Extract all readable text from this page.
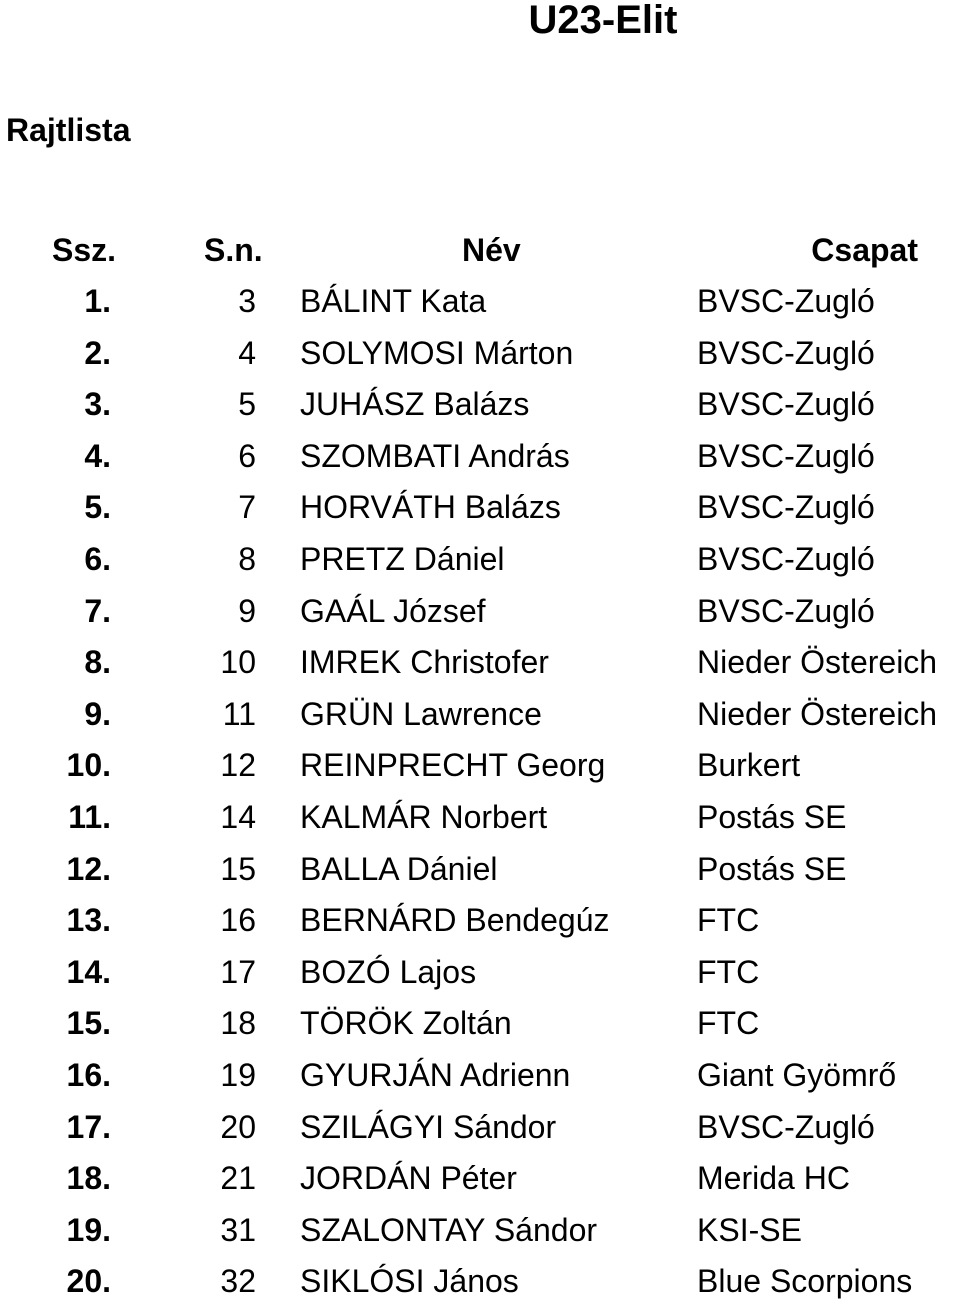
U23-Elit
Rajtlista
Ssz.	S.n.	Név	Csapat
1.	3 BÁLINT Kata	BVSC-Zugló
2.	4 SOLYMOSI Márton	BVSC-Zugló
3.	5 JUHÁSZ Balázs	BVSC-Zugló
4.	6 SZOMBATI András	BVSC-Zugló
5.	7 HORVÁTH Balázs	BVSC-Zugló
6.	8 PRETZ Dániel	BVSC-Zugló
7.	9 GAÁL József	BVSC-Zugló
8.	10 IMREK Christofer	Nieder Östereich
9.	11 GRÜN Lawrence	Nieder Östereich
10.	12 REINPRECHT Georg	Burkert
11.	14 KALMÁR Norbert	Postás SE
12.	15 BALLA Dániel	Postás SE
13.	16 BERNÁRD Bendegúz	FTC
14.	17 BOZÓ Lajos	FTC
15.	18 TÖRÖK Zoltán	FTC
16.	19 GYURJÁN Adrienn	Giant Gyömrő
17.	20 SZILÁGYI Sándor	BVSC-Zugló
18.	21 JORDÁN Péter	Merida HC
19.	31 SZALONTAY Sándor	KSI-SE
20.	32 SIKLÓSI János	Blue Scorpions
